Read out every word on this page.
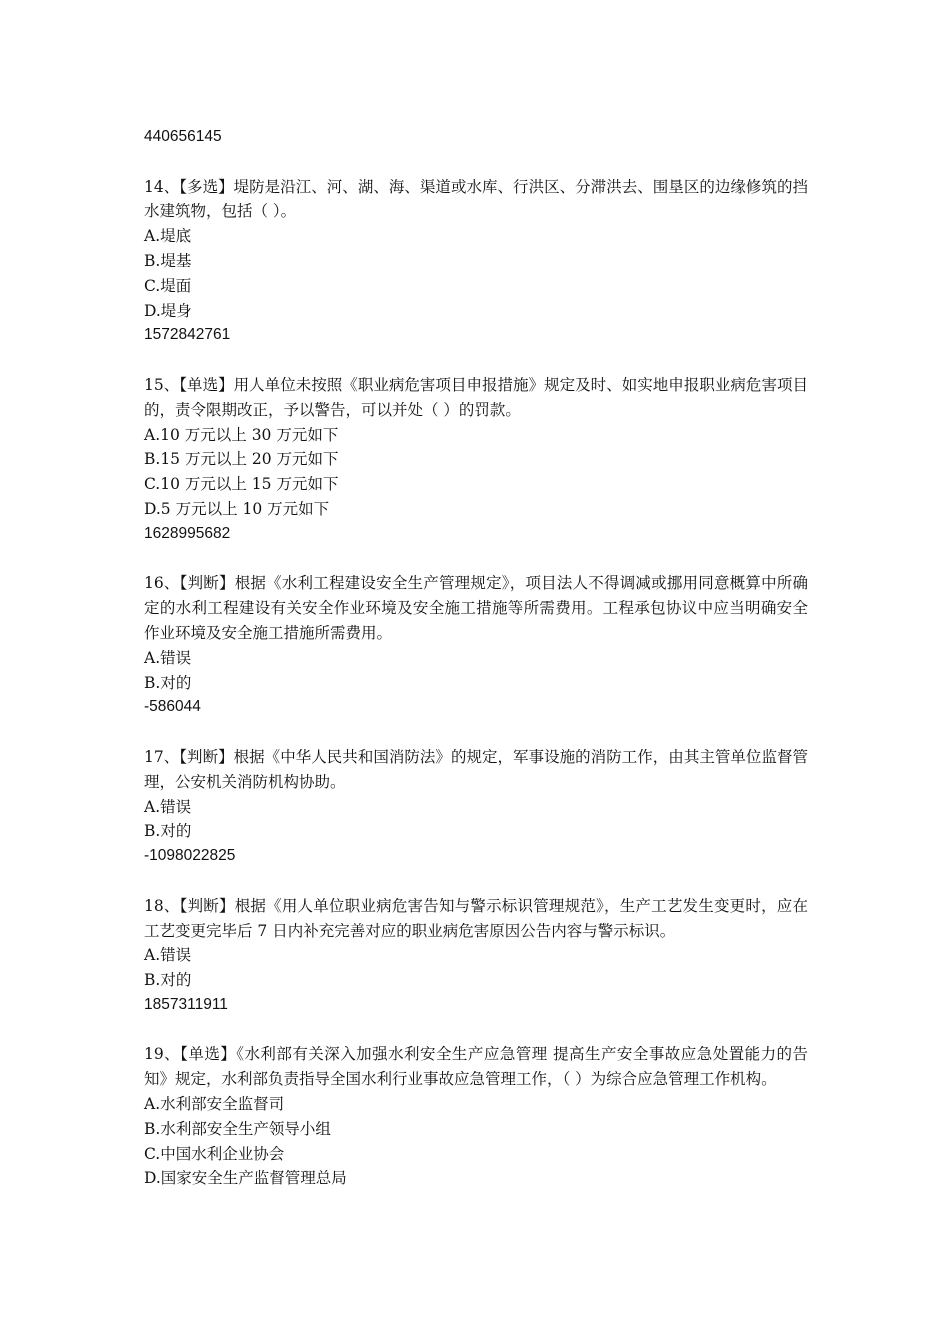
440656145
14、【多选】堤防是沿江、河、湖、海、渠道或水库、行洪区、分滞洪去、围垦区的边缘修筑的挡水建筑物，包括（ ）。
A.堤底
B.堤基
C.堤面
D.堤身
1572842761
15、【单选】用人单位未按照《职业病危害项目申报措施》规定及时、如实地申报职业病危害项目的，责令限期改正，予以警告，可以并处（ ）的罚款。
A.10 万元以上 30 万元如下
B.15 万元以上 20 万元如下
C.10 万元以上 15 万元如下
D.5 万元以上 10 万元如下
1628995682
16、【判断】根据《水利工程建设安全生产管理规定》，项目法人不得调减或挪用同意概算中所确定的水利工程建设有关安全作业环境及安全施工措施等所需费用。工程承包协议中应当明确安全作业环境及安全施工措施所需费用。
A.错误
B.对的
-586044
17、【判断】根据《中华人民共和国消防法》的规定，军事设施的消防工作，由其主管单位监督管理，公安机关消防机构协助。
A.错误
B.对的
-1098022825
18、【判断】根据《用人单位职业病危害告知与警示标识管理规范》，生产工艺发生变更时，应在工艺变更完毕后 7 日内补充完善对应的职业病危害原因公告内容与警示标识。
A.错误
B.对的
1857311911
19、【单选】《水利部有关深入加强水利安全生产应急管理 提高生产安全事故应急处置能力的告知》规定，水利部负责指导全国水利行业事故应急管理工作，（ ）为综合应急管理工作机构。
A.水利部安全监督司
B.水利部安全生产领导小组
C.中国水利企业协会
D.国家安全生产监督管理总局
